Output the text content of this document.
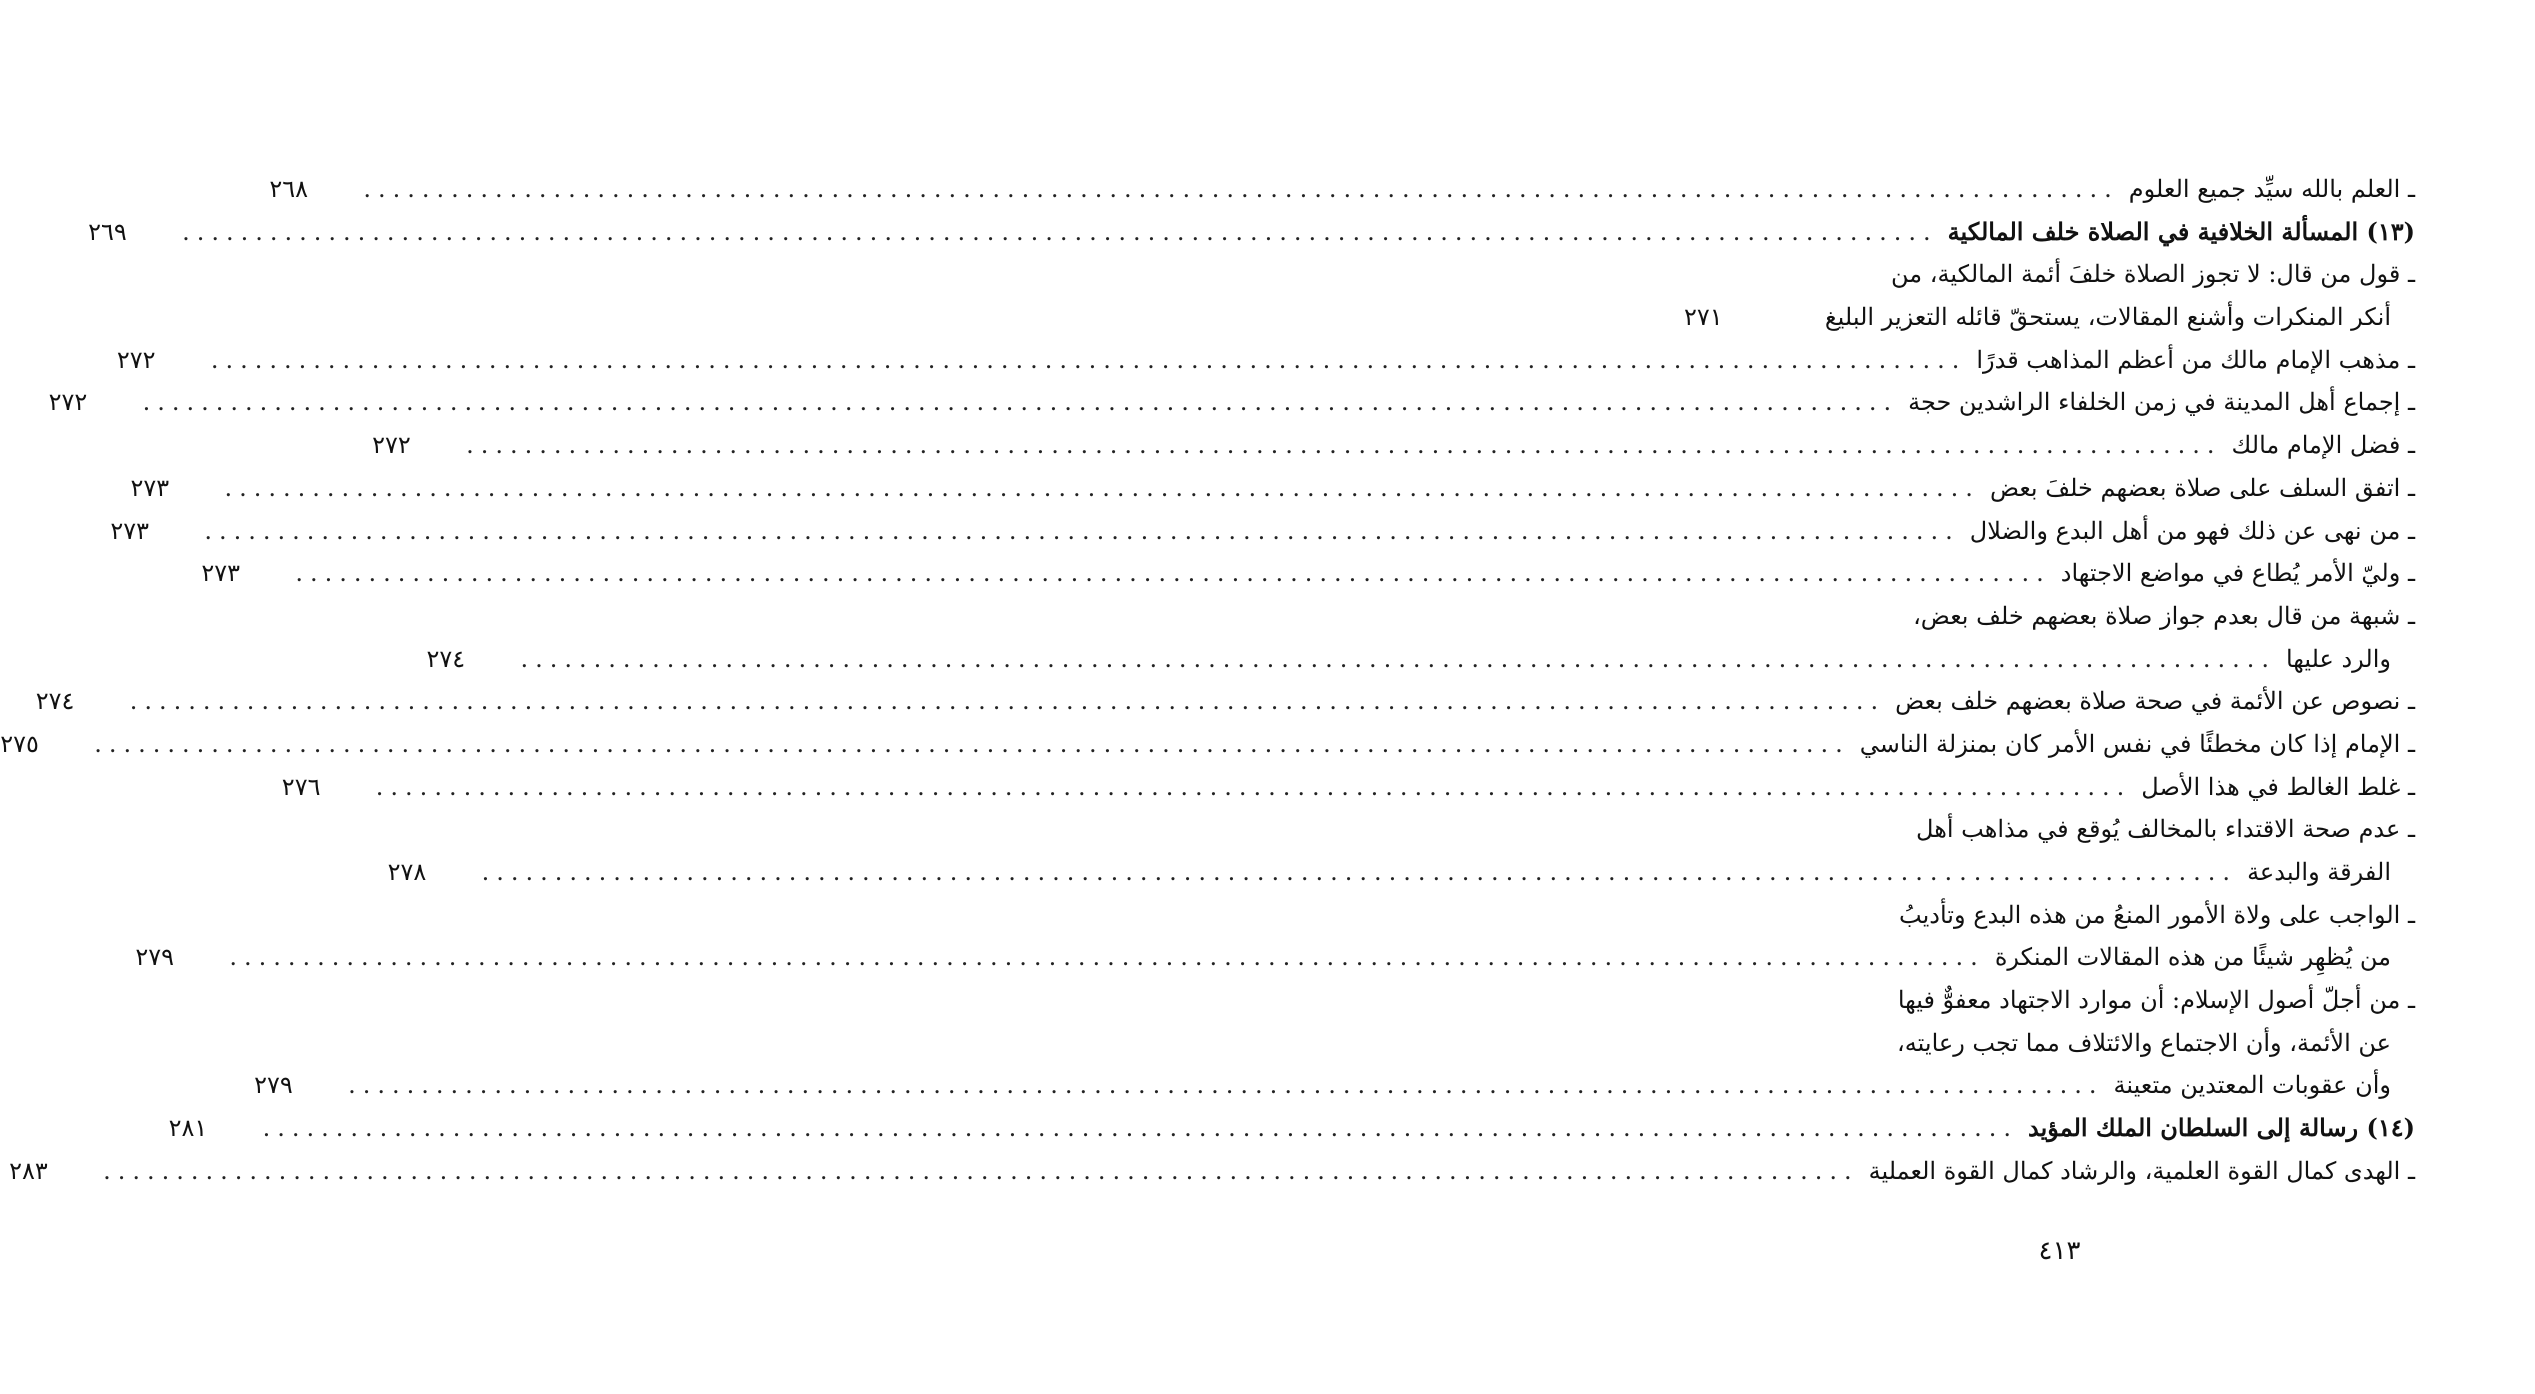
ـ العلم بالله سيِّد جميع العلوم
........................................................................................................................
٢٦٨
(١٣) المسألة الخلافية في الصلاة خلف المالكية
........................................................................................................................
٢٦٩
ـ قول من قال: لا تجوز الصلاة خلفَ أئمة المالكية، من
أنكر المنكرات وأشنع المقالات، يستحقّ قائله التعزير البليغ
٢٧١
ـ مذهب الإمام مالك من أعظم المذاهب قدرًا
........................................................................................................................
٢٧٢
ـ إجماع أهل المدينة في زمن الخلفاء الراشدين حجة
........................................................................................................................
٢٧٢
ـ فضل الإمام مالك
........................................................................................................................
٢٧٢
ـ اتفق السلف على صلاة بعضهم خلفَ بعض
........................................................................................................................
٢٧٣
ـ من نهى عن ذلك فهو من أهل البدع والضلال
........................................................................................................................
٢٧٣
ـ وليّ الأمر يُطاع في مواضع الاجتهاد
........................................................................................................................
٢٧٣
ـ شبهة من قال بعدم جواز صلاة بعضهم خلف بعض،
والرد عليها
........................................................................................................................
٢٧٤
ـ نصوص عن الأئمة في صحة صلاة بعضهم خلف بعض
........................................................................................................................
٢٧٤
ـ الإمام إذا كان مخطئًا في نفس الأمر كان بمنزلة الناسي
........................................................................................................................
٢٧٥
ـ غلط الغالط في هذا الأصل
........................................................................................................................
٢٧٦
ـ عدم صحة الاقتداء بالمخالف يُوقع في مذاهب أهل
الفرقة والبدعة
........................................................................................................................
٢٧٨
ـ الواجب على ولاة الأمور المنعُ من هذه البدع وتأديبُ
من يُظهِر شيئًا من هذه المقالات المنكرة
........................................................................................................................
٢٧٩
ـ من أجلّ أصول الإسلام: أن موارد الاجتهاد معفوٌّ فيها
عن الأئمة، وأن الاجتماع والائتلاف مما تجب رعايته،
وأن عقوبات المعتدين متعينة
........................................................................................................................
٢٧٩
(١٤) رسالة إلى السلطان الملك المؤيد
........................................................................................................................
٢٨١
ـ الهدى كمال القوة العلمية، والرشاد كمال القوة العملية
........................................................................................................................
٢٨٣
٤١٣
